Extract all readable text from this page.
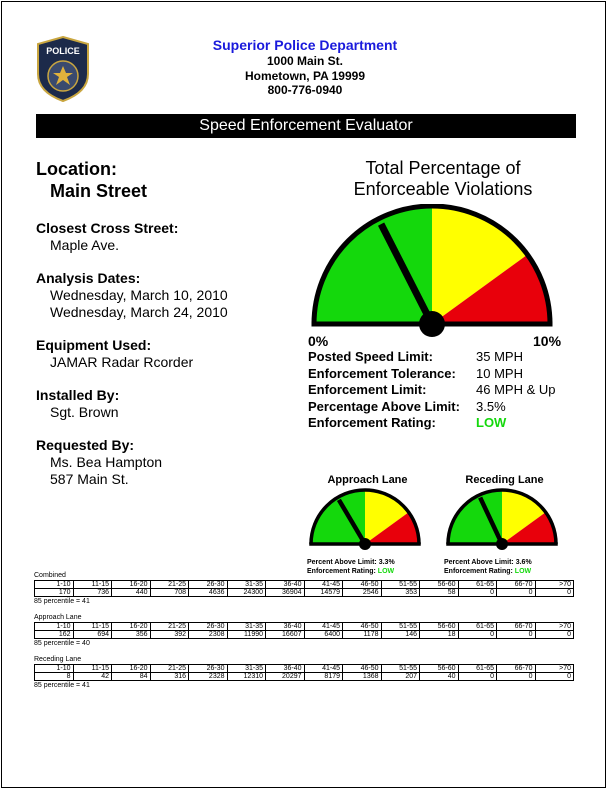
POLICE	Superior Police Department
1000 Main St.
Hometown, PA 19999
800-776-0940
Speed Enforcement Evaluator
Location:
Main Street
Closest Cross Street:
Maple Ave.
Analysis Dates:
Wednesday, March 10, 2010
Wednesday, March 24, 2010
Equipment Used:
JAMAR Radar Rcorder
Installed By:
Sgt. Brown
Requested By:
Ms. Bea Hampton
587 Main St.
Total Percentage of
Enforceable Violations
0%	10%
Posted Speed Limit:	35 MPH
Enforcement Tolerance:	10 MPH
Enforcement Limit:	46 MPH & Up
Percentage Above Limit:	3.5%
Enforcement Rating:	LOW
Approach Lane
Percent Above Limit: 3.3%
Enforcement Rating: LOW
Receding Lane
Percent Above Limit: 3.6%
Enforcement Rating: LOW
Combined
1-10	11-15	16-20	21-25	26-30	31-35	36-40	41-45	46-50	51-55	56-60	61-65	66-70	>70
170	736	440	708	4636	24300	36904	14579	2546	353	58	0	0	0
85 percentile = 41
Approach Lane
1-10	11-15	16-20	21-25	26-30	31-35	36-40	41-45	46-50	51-55	56-60	61-65	66-70	>70
162	694	356	392	2308	11990	16607	6400	1178	146	18	0	0	0
85 percentile = 40
Receding Lane
1-10	11-15	16-20	21-25	26-30	31-35	36-40	41-45	46-50	51-55	56-60	61-65	66-70	>70
8	42	84	316	2328	12310	20297	8179	1368	207	40	0	0	0
85 percentile = 41
